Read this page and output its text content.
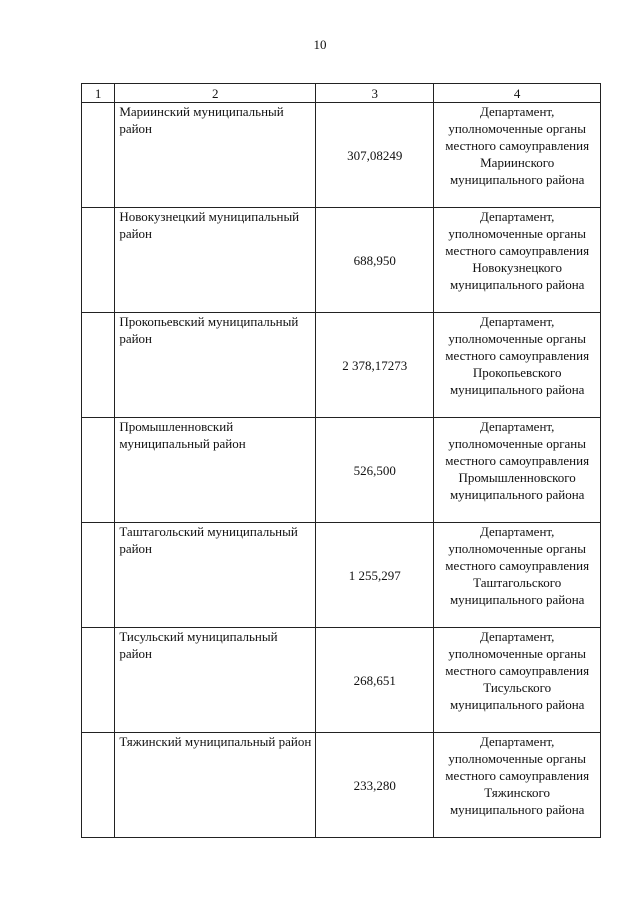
10
1	2	3	4
	Мариинский муниципальный район	307,08249	Департамент, уполномоченные органы местного самоуправления Мариинского муниципального района
	Новокузнецкий муниципальный район	688,950	Департамент, уполномоченные органы местного самоуправления Новокузнецкого муниципального района
	Прокопьевский муниципальный район	2 378,17273	Департамент, уполномоченные органы местного самоуправления Прокопьевского муниципального района
	Промышленновский муниципальный район	526,500	Департамент, уполномоченные органы местного самоуправления Промышленновского муниципального района
	Таштагольский муниципальный район	1 255,297	Департамент, уполномоченные органы местного самоуправления Таштагольского муниципального района
	Тисульский муниципальный район	268,651	Департамент, уполномоченные органы местного самоуправления Тисульского муниципального района
	Тяжинский муниципальный район	233,280	Департамент, уполномоченные органы местного самоуправления Тяжинского муниципального района
